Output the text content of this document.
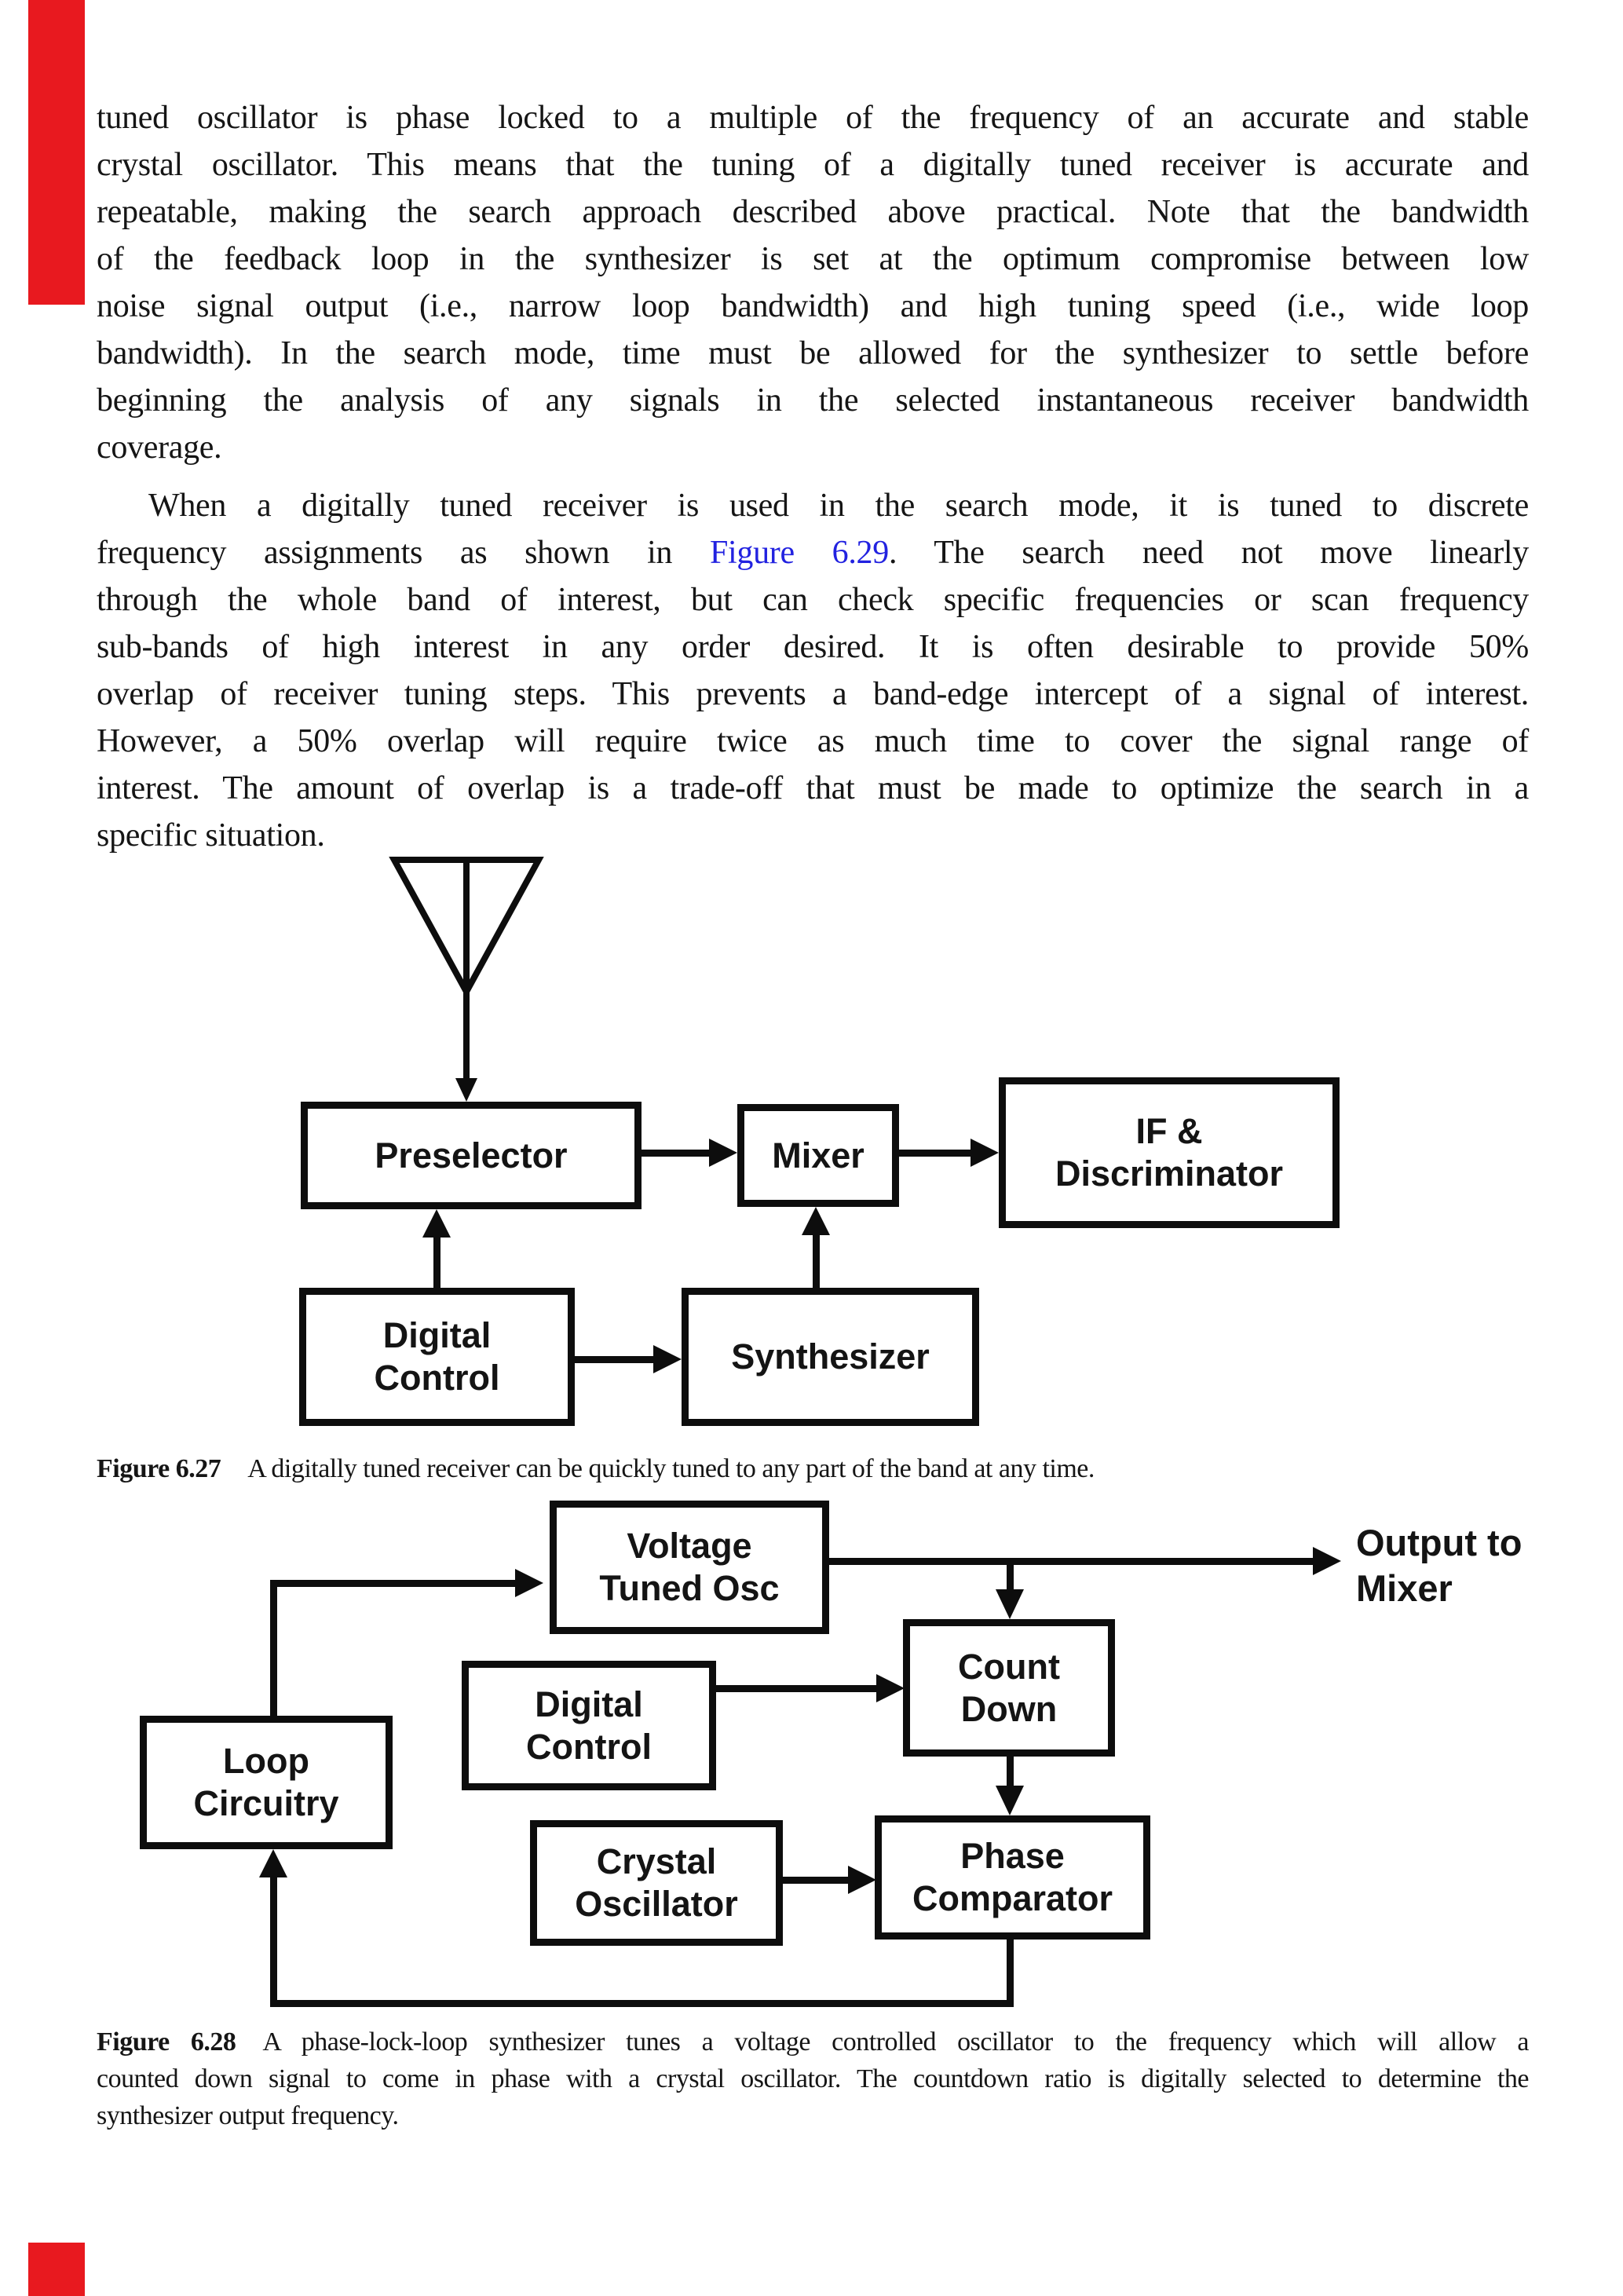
tuned oscillator is phase locked to a multiple of the frequency of an accurate and stable
crystal oscillator. This means that the tuning of a digitally tuned receiver is accurate and
repeatable, making the search approach described above practical. Note that the bandwidth
of the feedback loop in the synthesizer is set at the optimum compromise between low
noise signal output (i.e., narrow loop bandwidth) and high tuning speed (i.e., wide loop
bandwidth). In the search mode, time must be allowed for the synthesizer to settle before
beginning the analysis of any signals in the selected instantaneous receiver bandwidth
coverage.
When a digitally tuned receiver is used in the search mode, it is tuned to discrete
frequency assignments as shown in Figure 6.29. The search need not move linearly
through the whole band of interest, but can check specific frequencies or scan frequency
sub-bands of high interest in any order desired. It is often desirable to provide 50%
overlap of receiver tuning steps. This prevents a band-edge intercept of a signal of interest.
However, a 50% overlap will require twice as much time to cover the signal range of
interest. The amount of overlap is a trade-off that must be made to optimize the search in a
specific situation.
Preselector	Mixer
IF &
Discriminator
Digital
Control
Synthesizer
Figure 6.27 A digitally tuned receiver can be quickly tuned to any part of the band at any time.
Voltage
Tuned Osc
Count
Down
Digital
Control
Loop
Circuitry
Crystal
Oscillator
Phase
Comparator
Output to
Mixer
Figure 6.28 A phase-lock-loop synthesizer tunes a voltage controlled oscillator to the frequency which will allow a
counted down signal to come in phase with a crystal oscillator. The countdown ratio is digitally selected to determine the
synthesizer output frequency.
